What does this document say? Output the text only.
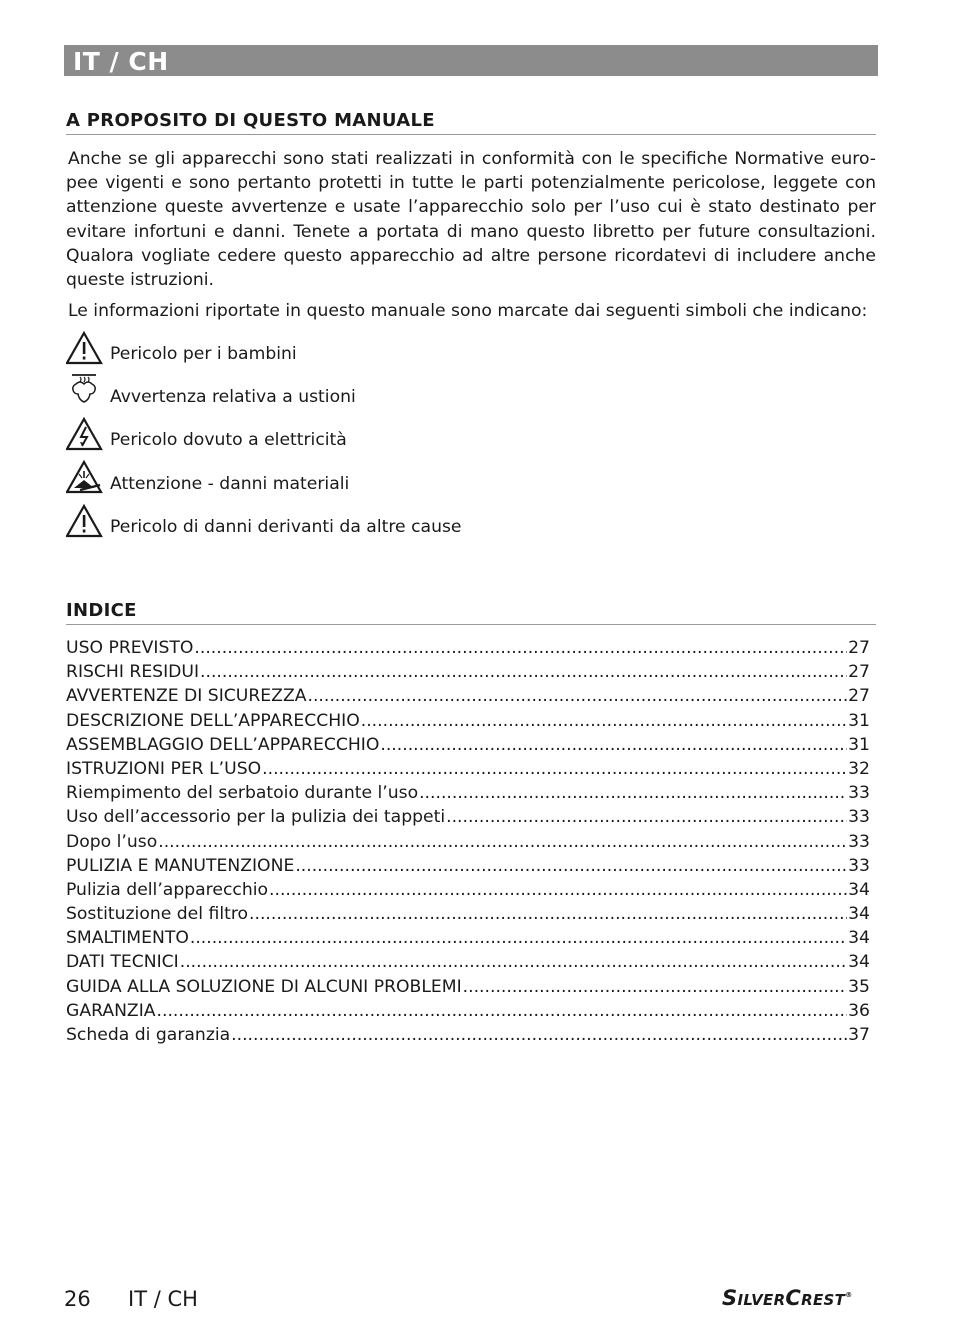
IT / CH
A PROPOSITO DI QUESTO MANUALE

Anche se gli apparecchi sono stati realizzati in conformità con le specifiche Normative euro-pee vigenti e sono pertanto protetti in tutte le parti potenzialmente pericolose, leggete con attenzione queste avvertenze e usate l’apparecchio solo per l’uso cui è stato destinato per evitare infortuni e danni. Tenete a portata di mano questo libretto per future consultazioni. Qualora vogliate cedere questo apparecchio ad altre persone ricordatevi di includere anche queste istruzioni.

Le informazioni riportate in questo manuale sono marcate dai seguenti simboli che indicano:

Pericolo per i bambini
Avvertenza relativa a ustioni
Pericolo dovuto a elettricità
Attenzione - danni materiali
Pericolo di danni derivanti da altre cause
INDICE
USO PREVISTO .....	27
RISCHI RESIDUI .....	27
AVVERTENZE DI SICUREZZA .....	27
DESCRIZIONE DELL’APPARECCHIO .....	31
ASSEMBLAGGIO DELL’APPARECCHIO .....	31
ISTRUZIONI PER L’USO .....	32
Riempimento del serbatoio durante l’uso .....	33
Uso dell’accessorio per la pulizia dei tappeti .....	33
Dopo l’uso .....	33
PULIZIA E MANUTENZIONE .....	33
Pulizia dell’apparecchio .....	34
Sostituzione del filtro .....	34
SMALTIMENTO .....	34
DATI TECNICI .....	34
GUIDA ALLA SOLUZIONE DI ALCUNI PROBLEMI .....	35
GARANZIA .....	36
Scheda di garanzia .....	37
26 IT / CH	SILVERCREST®
